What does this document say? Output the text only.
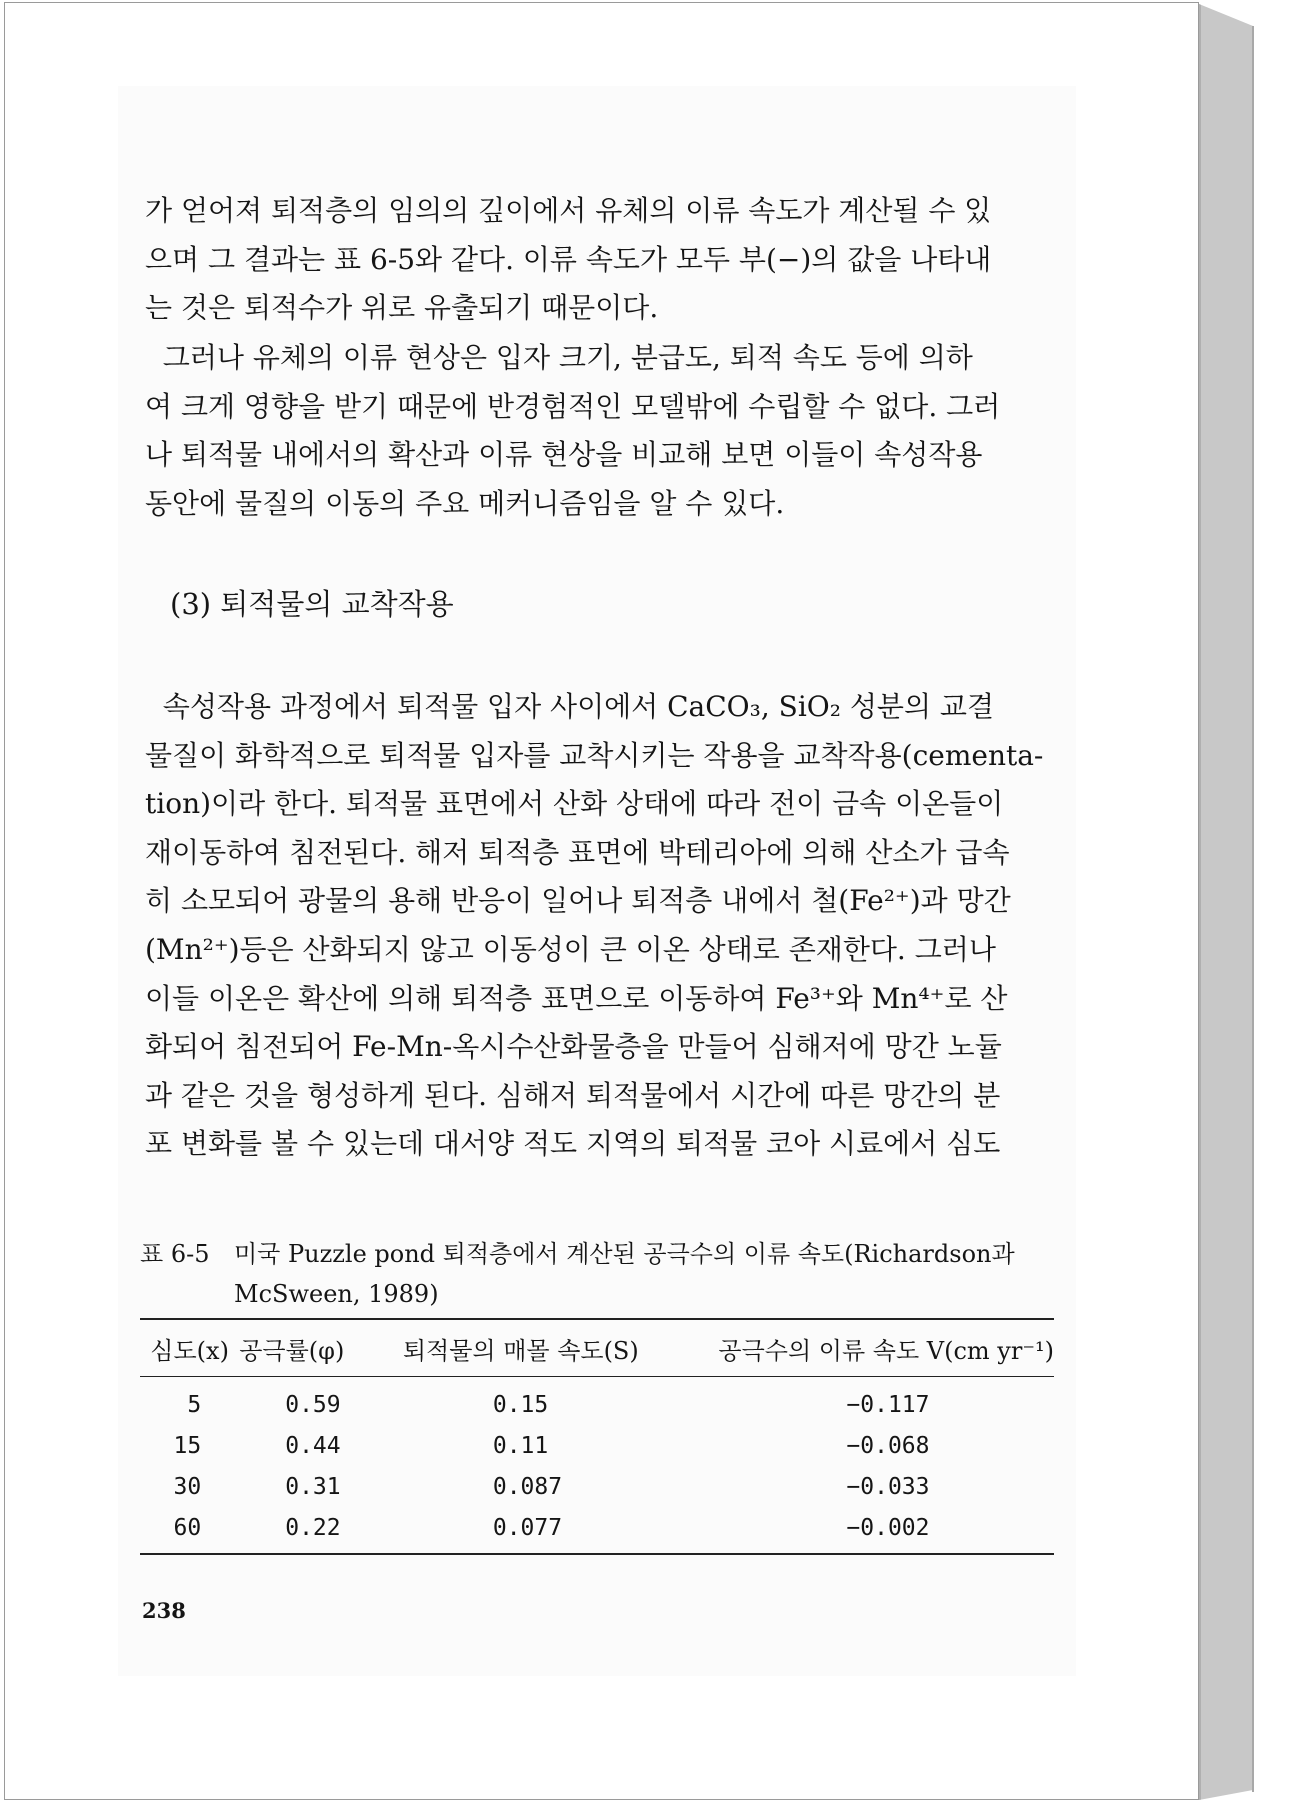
가 얻어져 퇴적층의 임의의 깊이에서 유체의 이류 속도가 계산될 수 있
으며 그 결과는 표 6-5와 같다. 이류 속도가 모두 부(−)의 값을 나타내
는 것은 퇴적수가 위로 유출되기 때문이다.

그러나 유체의 이류 현상은 입자 크기, 분급도, 퇴적 속도 등에 의하
여 크게 영향을 받기 때문에 반경험적인 모델밖에 수립할 수 없다. 그러
나 퇴적물 내에서의 확산과 이류 현상을 비교해 보면 이들이 속성작용
동안에 물질의 이동의 주요 메커니즘임을 알 수 있다.

(3) 퇴적물의 교착작용

속성작용 과정에서 퇴적물 입자 사이에서 CaCO₃, SiO₂ 성분의 교결
물질이 화학적으로 퇴적물 입자를 교착시키는 작용을 교착작용(cementa-
tion)이라 한다. 퇴적물 표면에서 산화 상태에 따라 전이 금속 이온들이
재이동하여 침전된다. 해저 퇴적층 표면에 박테리아에 의해 산소가 급속
히 소모되어 광물의 용해 반응이 일어나 퇴적층 내에서 철(Fe²⁺)과 망간
(Mn²⁺)등은 산화되지 않고 이동성이 큰 이온 상태로 존재한다. 그러나
이들 이온은 확산에 의해 퇴적층 표면으로 이동하여 Fe³⁺와 Mn⁴⁺로 산
화되어 침전되어 Fe-Mn-옥시수산화물층을 만들어 심해저에 망간 노듈
과 같은 것을 형성하게 된다. 심해저 퇴적물에서 시간에 따른 망간의 분
포 변화를 볼 수 있는데 대서양 적도 지역의 퇴적물 코아 시료에서 심도

표 6-5 미국 Puzzle pond 퇴적층에서 계산된 공극수의 이류 속도(Richardson과 McSween, 1989)
심도(x)	공극률(φ)	퇴적물의 매몰 속도(S)	공극수의 이류 속도 V(cm yr⁻¹)
5	0.59	0.15	−0.117
15	0.44	0.11	−0.068
30	0.31	0.087	−0.033
60	0.22	0.077	−0.002
238
